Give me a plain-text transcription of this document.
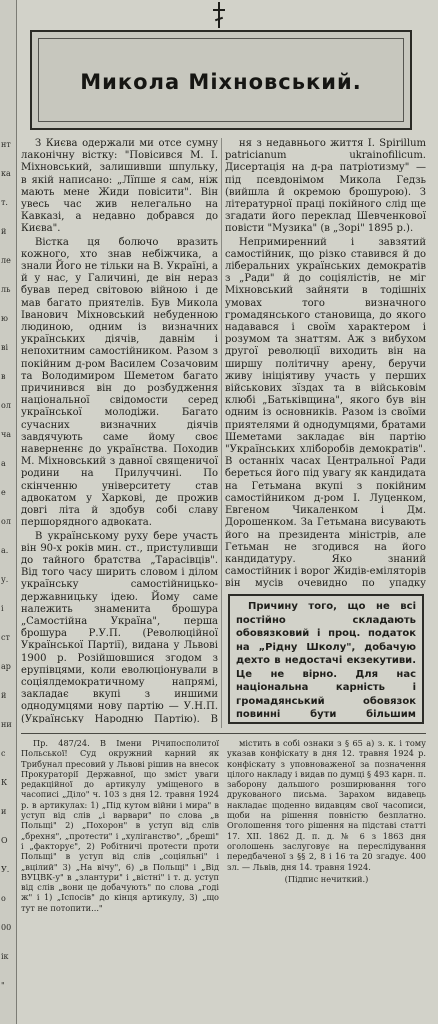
нт
ка
т.
й
ле
ль
ю
ві
в
ол
ча
а
е
ол
а.
у.
і
ст
ар
й
ни
с
К
и
О
У.
о
00
ік
"
Микола Міхновський.

З Києва одержали ми отсе сумну лаконічну вістку: "Повісився М. І. Міхновський, залишивши шпульку, в якій написано: „Лїпше я сам, ніж мають мене Жиди повісити". Він увесь час жив нелегально на Кавказі, а недавно добрався до Києва".

Вістка ця болючо вразить кожного, хто знав небіжчика, а знали Його не тільки на В. Україні, а й у нас, у Галичині, де він нераз бував перед світовою війною і де мав багато приятелів. Був Микола Іванович Міхновський небуденною людиною, одним із визначних українських діячів, давнім і непохитним самостійником. Разом з покійним д-ром Василем Созачовим та Володимиром Шеметом багато причинився він до розбудження національної свідомости серед української молодіжи. Багато сучасних визначних діячів завдячують саме йому своє наверненнє до українства. Походив М. Міхновський з давної священичої родини на Прилуччині. По скінченню університету став адвокатом у Харкові, де прожив довгі літа й здобув собі славу першорядного адвоката.

В українському руху бере участь він 90-х років мин. ст., пристуливши до тайного братства „Тарасівців". Від того часу ширить словом і ділом українську самостійницько-державницьку ідею. Йому саме належить знаменита брошура „Самостійна Україна", перша брошура Р.У.П. (Революційної Української Партії), видана у Львові 1900 р. Розійшовшися згодом з ерупівцями, коли еволюціонували в соціялдемократичному напрямі, закладає вкупі з иншими однодумцями нову партію — У.Н.П. (Українську Народню Партію). В

ня з недавнього життя І. Spirillum patricianum ukrainofilicum. Дисертація на д-ра патріотизму" — під псевдонімом Микола Гедзь (вийшла й окремою брошурою). З літературної праці покійного слід ще згадати його переклад Шевченкової повісти "Музика" (в „Зорі" 1895 р.).

Непримиренний і завзятий самостійник, що різко ставився й до ліберальних українських демократів з „Ради" й до соціялістів, не міг Міхновський зайняти в тодішніх умовах того визначного громадянського становища, до якого надавався і своїм характером і розумом та знаттям. Аж з вибухом другої революції виходить він на ширшу політичну арену, беручи живу ініціятиву участь у перших військових зїздах та в військовім клюбі „Батьківщина", якого був він одним із основників. Разом із своїми приятелями й однодумцями, братами Шеметами закладає він партію "Українських хліборобів демократів". В останніх часах Центральної Ради береться його під увагу як кандидата на Гетьмана вкупі з покійним самостійником д-ром І. Луценком, Евгеном Чикаленком і Дм. Дорошенком. За Гетьмана висувають його на президента міністрів, але Гетьман не згодився на його кандидатуру. Яко знаний самостійник і ворог Жидів-еміляторів він мусів очевидно по упадку

Причину того, що не всі постійно складають обовязковий і проц. податок на „Рідну Школу", добачую дехто в недостачі екзекутиви. Це не вірно. Для нас національна карність і громадянський обовязок повинні бути більшим

Пр. 487/24. В Імени Річипосполитої Польської! Суд окружний карний як Трибунал пресовий у Львові рішив на внесок Прокураторії Державної, що зміст уваги редакційної до артикулу уміщеного в часописі „Діло" ч. 103 з дня 12. травня 1924 р. в артикулах: 1) „Під кутом війни і мира" в уступ від слів „і варвари" по слова „в Польщі" 2) „Похорон" в уступ від слів „брехня", „протести" і „хуліганство", „бреші" і „факторує", 2) Робітничі протести проти Польщі" в уступ від слів „соціяльні" і „вцілий" 3) „На вічу", 6) „в Польщі" і „Від ВУЦВК-у" в „злантури" і „вістні" і т. д. уступ від слів „вони це добачують" по слова „годі ж" і 1) „Іспосів" до кінця артикулу, 3) „що тут не потопити..."

містить в собі ознаки з § 65 а) з. к. і тому указав конфіскату в дня 12. травня 1924 р. конфіскату з уповноваженої за позначення цілого накладу і видав по думці § 493 карн. п. заборону дальшого розширювання того друкованого письма. Зарахом видавець накладає щоденно видавцям свої часописи, щоби на рішення повністю безплатно. Оголошення того рішення на підставі статті 17. ХІІ. 1862 Д. п. д. № 6 з 1863 дня оголошень заслуговує на переслідування передбаченої з §§ 2, 8 і 16 та 20 згадує. 400 зл. — Львів, дня 14. травня 1924.

(Підпис нечиткий.)
